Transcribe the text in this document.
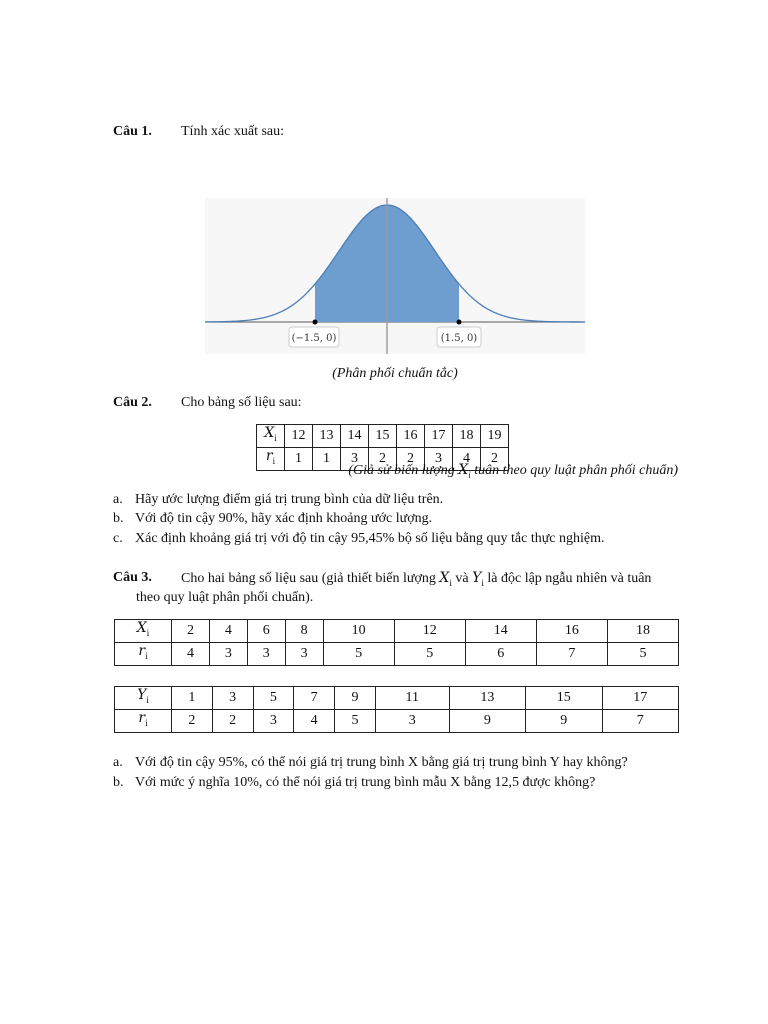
Câu 1. Tính xác xuất sau:
(−1.5, 0)	(1.5, 0)
(Phân phối chuẩn tắc)
Câu 2. Cho bảng số liệu sau:
$X_i$	12	13	14	15	16	17	18	19
$r_i$	1	1	3	2	2	3	4	2
(Giả sử biến lượng $X_i$ tuân theo quy luật phân phối chuẩn)
a. Hãy ước lượng điểm giá trị trung bình của dữ liệu trên.
b. Với độ tin cậy 90%, hãy xác định khoảng ước lượng.
c. Xác định khoảng giá trị với độ tin cậy 95,45% bộ số liệu bằng quy tắc thực nghiệm.
Câu 3. Cho hai bảng số liệu sau (giả thiết biến lượng $X_i$ và $Y_i$ là độc lập ngẫu nhiên và tuân
theo quy luật phân phối chuẩn).
$X_i$	2	4	6	8	10	12	14	16	18
$r_i$	4	3	3	3	5	5	6	7	5
$Y_i$	1	3	5	7	9	11	13	15	17
$r_i$	2	2	3	4	5	3	9	9	7
a. Với độ tin cậy 95%, có thể nói giá trị trung bình X bằng giá trị trung bình Y hay không?
b. Với mức ý nghĩa 10%, có thể nói giá trị trung bình mẫu X bằng 12,5 được không?
